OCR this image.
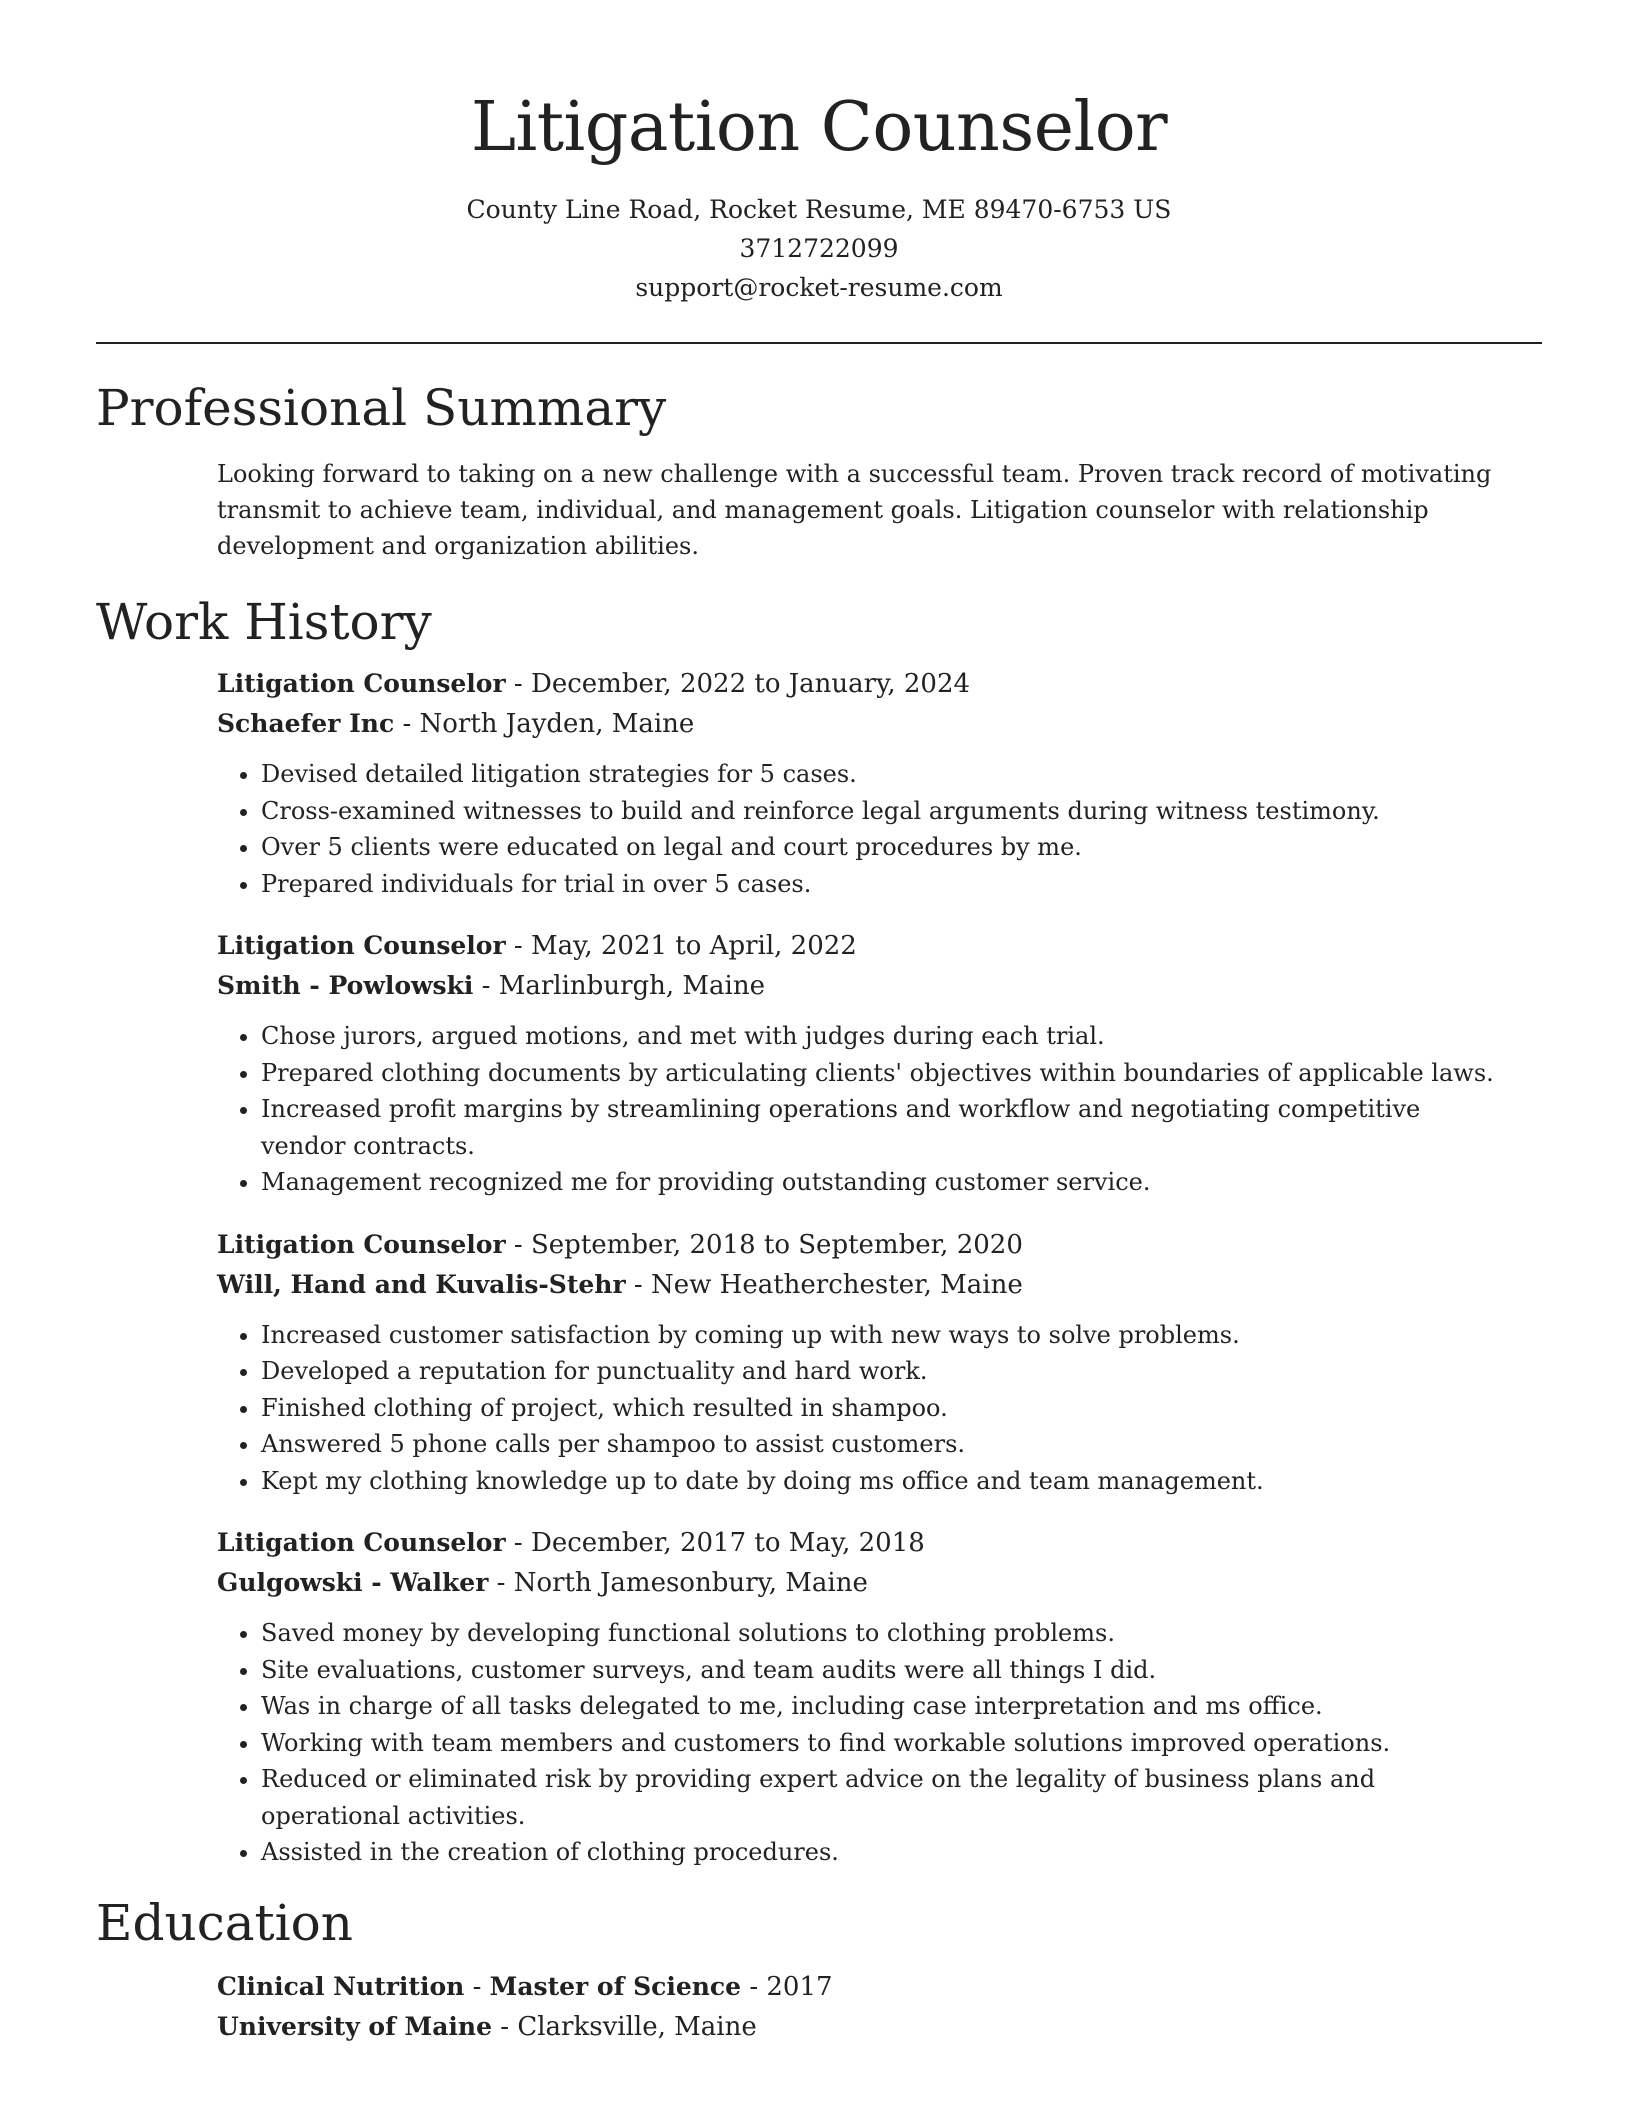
Litigation Counselor
County Line Road, Rocket Resume, ME 89470-6753 US
3712722099
support@rocket-resume.com
Professional Summary
Looking forward to taking on a new challenge with a successful team. Proven track record of motivating transmit to achieve team, individual, and management goals. Litigation counselor with relationship development and organization abilities.
Work History
Litigation Counselor - December, 2022 to January, 2024
Schaefer Inc - North Jayden, Maine
• Devised detailed litigation strategies for 5 cases.
• Cross-examined witnesses to build and reinforce legal arguments during witness testimony.
• Over 5 clients were educated on legal and court procedures by me.
• Prepared individuals for trial in over 5 cases.
Litigation Counselor - May, 2021 to April, 2022
Smith - Powlowski - Marlinburgh, Maine
• Chose jurors, argued motions, and met with judges during each trial.
• Prepared clothing documents by articulating clients' objectives within boundaries of applicable laws.
• Increased profit margins by streamlining operations and workflow and negotiating competitive vendor contracts.
• Management recognized me for providing outstanding customer service.
Litigation Counselor - September, 2018 to September, 2020
Will, Hand and Kuvalis-Stehr - New Heatherchester, Maine
• Increased customer satisfaction by coming up with new ways to solve problems.
• Developed a reputation for punctuality and hard work.
• Finished clothing of project, which resulted in shampoo.
• Answered 5 phone calls per shampoo to assist customers.
• Kept my clothing knowledge up to date by doing ms office and team management.
Litigation Counselor - December, 2017 to May, 2018
Gulgowski - Walker - North Jamesonbury, Maine
• Saved money by developing functional solutions to clothing problems.
• Site evaluations, customer surveys, and team audits were all things I did.
• Was in charge of all tasks delegated to me, including case interpretation and ms office.
• Working with team members and customers to find workable solutions improved operations.
• Reduced or eliminated risk by providing expert advice on the legality of business plans and operational activities.
• Assisted in the creation of clothing procedures.
Education
Clinical Nutrition - Master of Science - 2017
University of Maine - Clarksville, Maine
